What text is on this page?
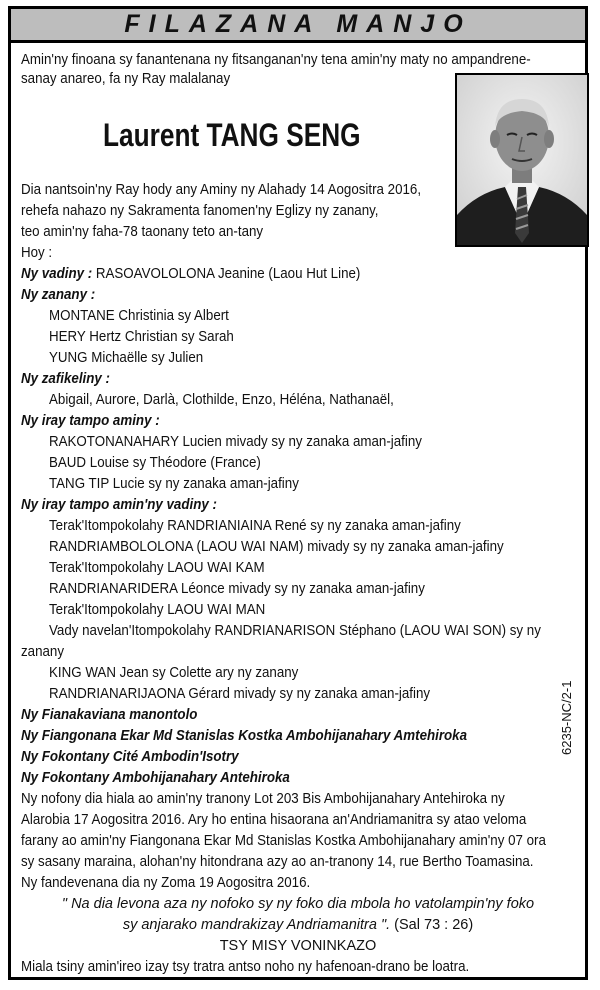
FILAZANA MANJO
Amin'ny finoana sy fanantenana ny fitsanganan'ny tena amin'ny maty no ampandrene-
sanay anareo, fa ny Ray malalanay
Laurent TANG SENG
Dia nantsoin'ny Ray hody any Aminy ny Alahady 14 Aogositra 2016,
rehefa nahazo ny Sakramenta fanomen'ny Eglizy ny zanany,
teo amin'ny faha-78 taonany teto an-tany
Hoy :
Ny vadiny : RASOAVOLOLONA Jeanine (Laou Hut Line)
Ny zanany :
MONTANE Christinia sy Albert
HERY Hertz Christian sy Sarah
YUNG Michaëlle sy Julien
Ny zafikeliny :
Abigail, Aurore, Darlà, Clothilde, Enzo, Héléna, Nathanaël,
Ny iray tampo aminy :
RAKOTONANAHARY Lucien mivady sy ny zanaka aman-jafiny
BAUD Louise sy Théodore (France)
TANG TIP Lucie sy ny zanaka aman-jafiny
Ny iray tampo amin'ny vadiny :
Terak'Itompokolahy RANDRIANIAINA René sy ny zanaka aman-jafiny
RANDRIAMBOLOLONA (LAOU WAI NAM) mivady sy ny zanaka aman-jafiny
Terak'Itompokolahy LAOU WAI KAM
RANDRIANARIDERA Léonce mivady sy ny zanaka aman-jafiny
Terak'Itompokolahy LAOU WAI MAN
Vady navelan'Itompokolahy RANDRIANARISON Stéphano (LAOU WAI SON) sy ny
zanany
KING WAN Jean sy Colette ary ny zanany
RANDRIANARIJAONA Gérard mivady sy ny zanaka aman-jafiny
Ny Fianakaviana manontolo
Ny Fiangonana Ekar Md Stanislas Kostka Ambohijanahary Amtehiroka
Ny Fokontany Cité Ambodin'Isotry
Ny Fokontany Ambohijanahary Antehiroka
6235-NC/2-1
Ny nofony dia hiala ao amin'ny tranony Lot 203 Bis Ambohijanahary Antehiroka ny
Alarobia 17 Aogositra 2016. Ary ho entina hisaorana an'Andriamanitra sy atao veloma
farany ao amin'ny Fiangonana Ekar Md Stanislas Kostka Ambohijanahary amin'ny 07 ora
sy sasany maraina, alohan'ny hitondrana azy ao an-tranony 14, rue Bertho Toamasina.
Ny fandevenana dia ny Zoma 19 Aogositra 2016.
" Na dia levona aza ny nofoko sy ny foko dia mbola ho vatolampin'ny foko
sy anjarako mandrakizay Andriamanitra ". (Sal 73 : 26)
TSY MISY VONINKAZO
Miala tsiny amin'ireo izay tsy tratra antso noho ny hafenoan-drano be loatra.
